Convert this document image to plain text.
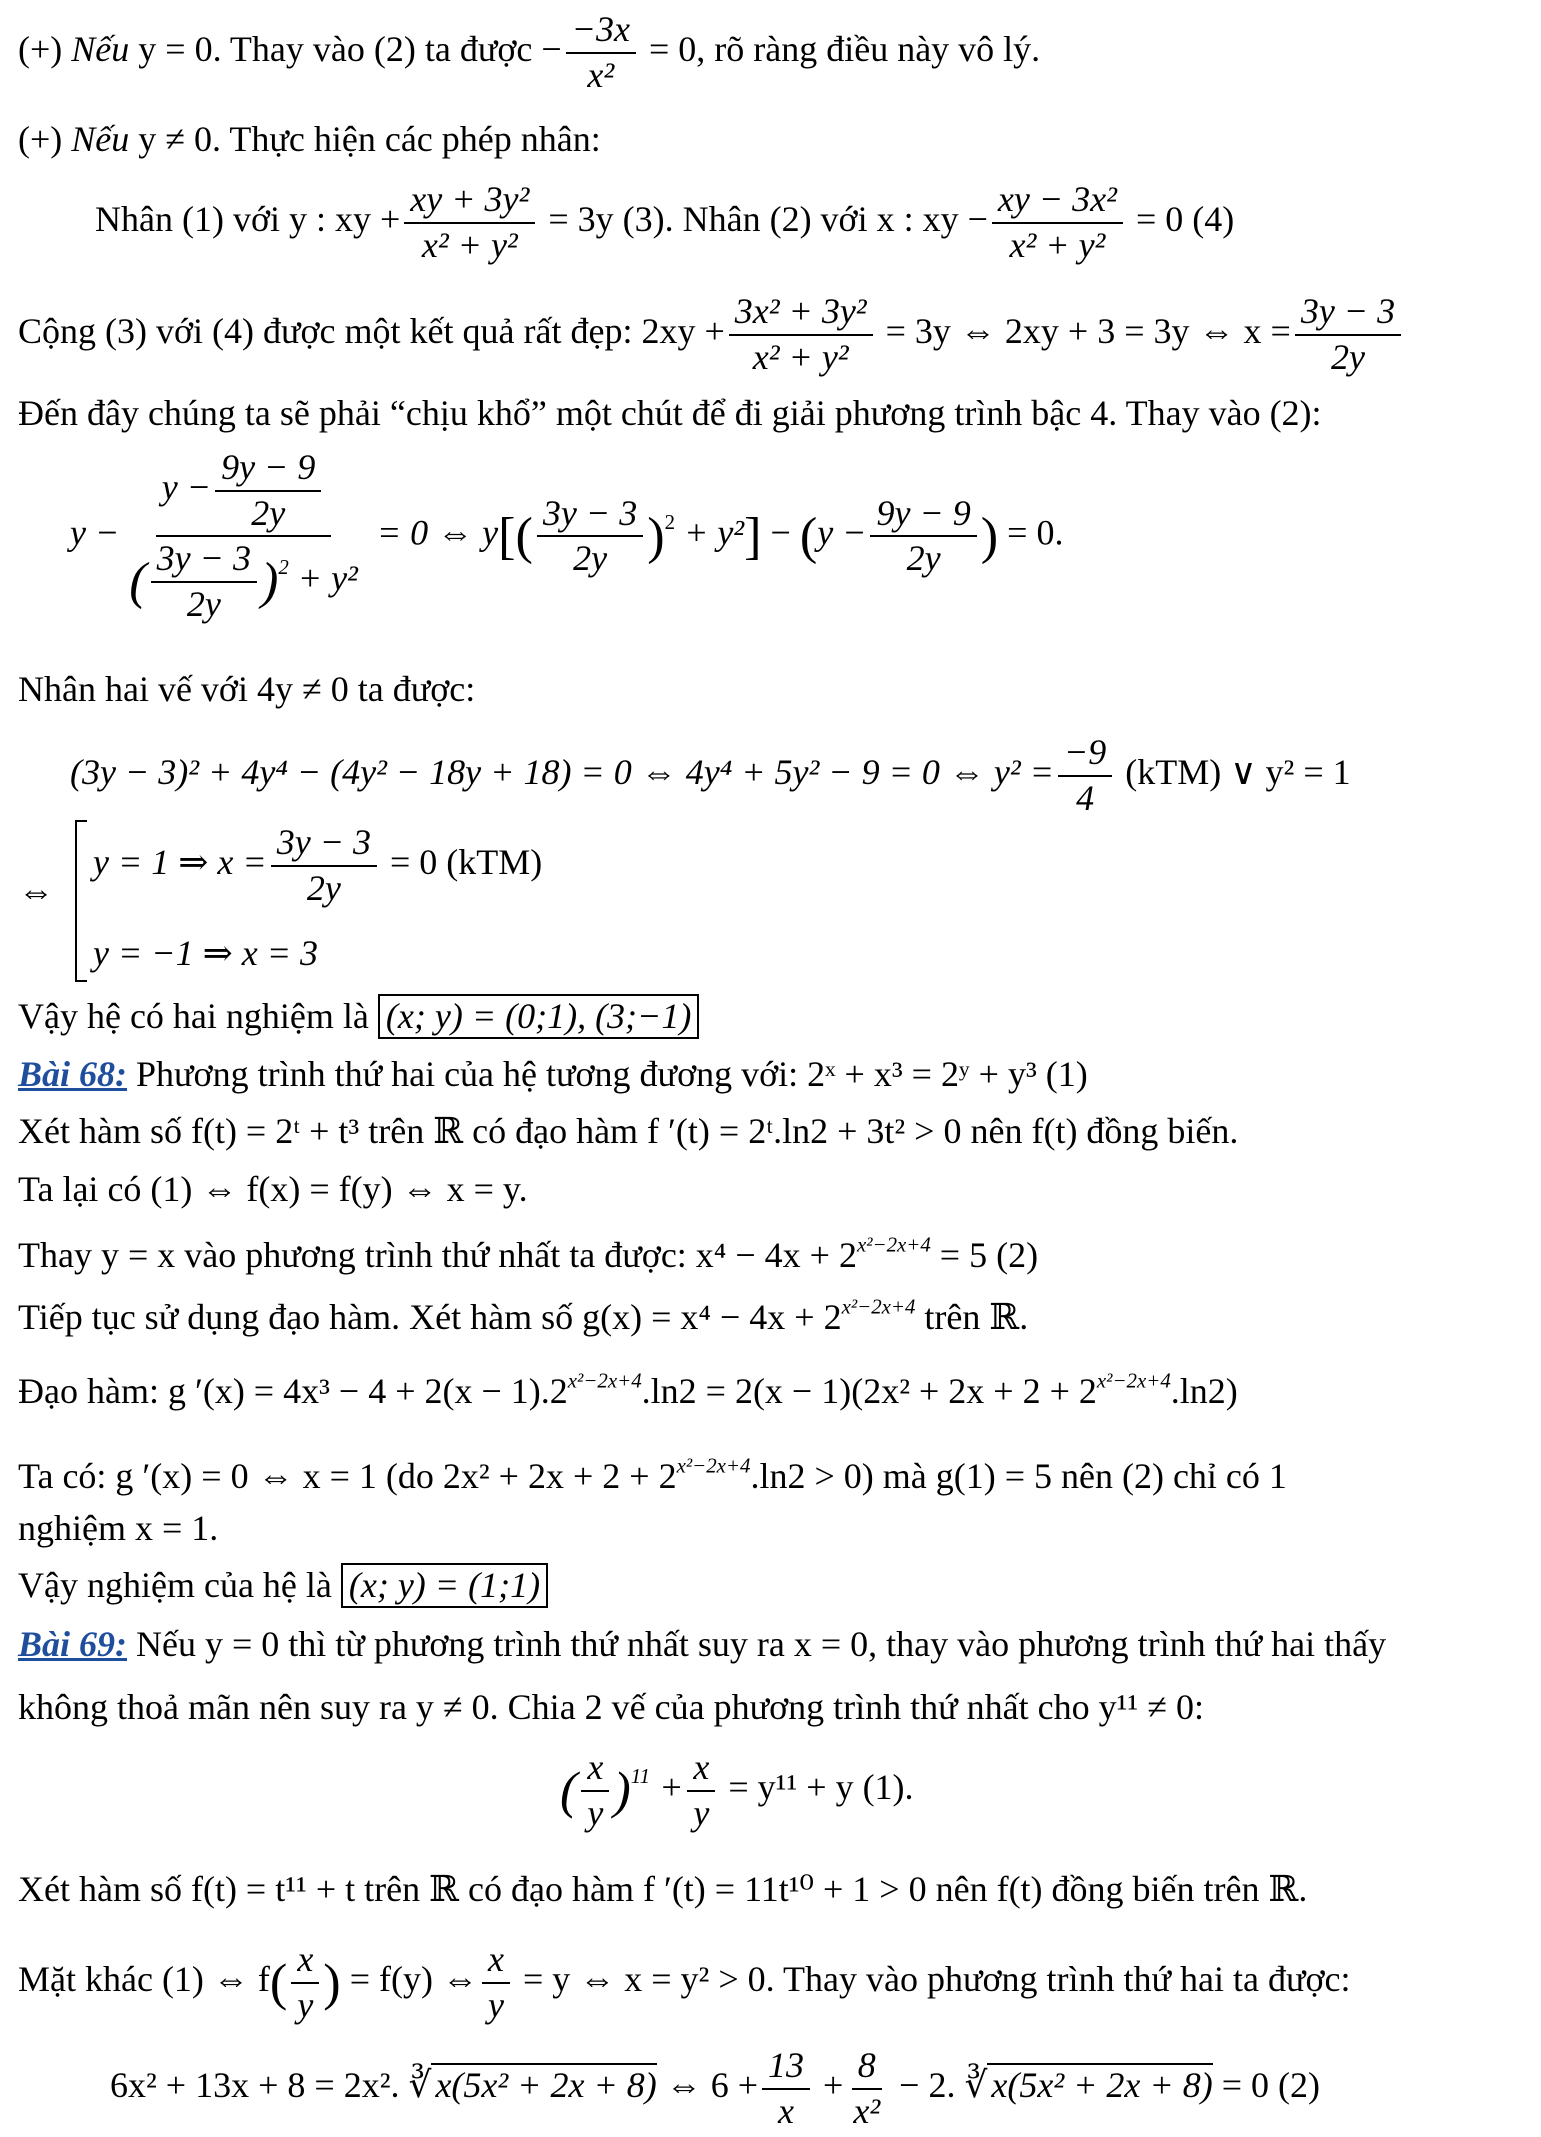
(+) Nếu y = 0. Thay vào (2) ta được − $\frac{-3x}{\text{x²}} = 0$, rõ ràng điều này vô lý.
(+) Nếu y ≠ 0. Thực hiện các phép nhân:
Nhân (1) với y : xy + $\frac{\text{xy + 3y²}}{\text{x² + y²}} = 3y$ (3). Nhân (2) với x : xy − $\frac{\text{xy − 3x²}}{\text{x² + y²}} = 0$ (4)
Cộng (3) với (4) được một kết quả rất đẹp: $2xy + \frac{\text{3x² + 3y²}}{\text{x² + y²}} = 3y$ ⇔ 2xy + 3 = 3y ⇔ $x = \frac{3y - 3}{2y}$
Đến đây chúng ta sẽ phải “chịu khổ” một chút để đi giải phương trình bậc 4. Thay vào (2):
$y - \frac{y - \frac{9y - 9}{2y}}{( \frac{3y - 3}{2y} )^2 + y^2} = 0$ ⇔ $y[( \frac{3y - 3}{2y} )^2 + y^2] - (y - \frac{9y - 9}{2y}$ ) = 0.
Nhân hai vế với 4y ≠ 0 ta được:
(3y − 3)² + 4y⁴ − (4y² − 18y + 18) = 0 ⇔ 4y⁴ + 5y² − 9 = 0 ⇔ $y^2 = \frac{-9}{4} (kTM)$ ∨ y² = 1
⇔
y = 1 ⇒ $x = \frac{3y - 3}{2y} = 0$ (kTM)
y = −1 ⇒ x = 3
Vậy hệ có hai nghiệm là (x; y) = (0;1), (3;−1)
Bài 68: Phương trình thứ hai của hệ tương đương với: 2ˣ + x³ = 2ʸ + y³ (1)
Xét hàm số f(t) = 2ᵗ + t³ trên ℝ có đạo hàm f ′(t) = 2ᵗ.ln2 + 3t² > 0 nên f(t) đồng biến.
Ta lại có (1) ⇔ f(x) = f(y) ⇔ x = y.
Thay y = x vào phương trình thứ nhất ta được: $x^4 - 4x + 2^{x^2-2x+4} = 5$ (2)
Tiếp tục sử dụng đạo hàm. Xét hàm số $g(x) = x^4 - 4x + 2^{x^2-2x+4}$ trên ℝ.
Đạo hàm: g $'(x) = 4x^3 - 4 + 2(x - 1).2^{x^2-2x+4}.\ln 2 = 2(x - 1)(2x^2 + 2x + 2 + 2^{x^2-2x+4}.\ln 2)$
Ta có: g ′(x) = 0 ⇔ x = 1 (do $2x^2 + 2x + 2 + 2^{x^2-2x+4}.\ln 2 > 0$) mà g(1) = 5 nên (2) chỉ có 1
nghiệm x = 1.
Vậy nghiệm của hệ là (x; y) = (1;1)
Bài 69: Nếu y = 0 thì từ phương trình thứ nhất suy ra x = 0, thay vào phương trình thứ hai thấy
không thoả mãn nên suy ra y ≠ 0. Chia 2 vế của phương trình thứ nhất cho y¹¹ ≠ 0:
( $\frac{x}{y} )^{11} + \frac{x}{y} = y^{11} + y$ (1).
Xét hàm số f(t) = t¹¹ + t trên ℝ có đạo hàm f ′(t) = 11t¹⁰ + 1 > 0 nên f(t) đồng biến trên ℝ.
Mặt khác (1) ⇔ $f( \frac{x}{y}$ ) = f(y) ⇔ $\frac{x}{y} = y$ ⇔ x = y² > 0. Thay vào phương trình thứ hai ta được:
6x² + 13x + 8 = 2x². ∛ x(5x² + 2x + 8) ⇔ $6 + \frac{13}{x} + \frac{8}{\text{x²}} - 2$. ∛ x(5x² + 2x + 8) = 0 (2)
